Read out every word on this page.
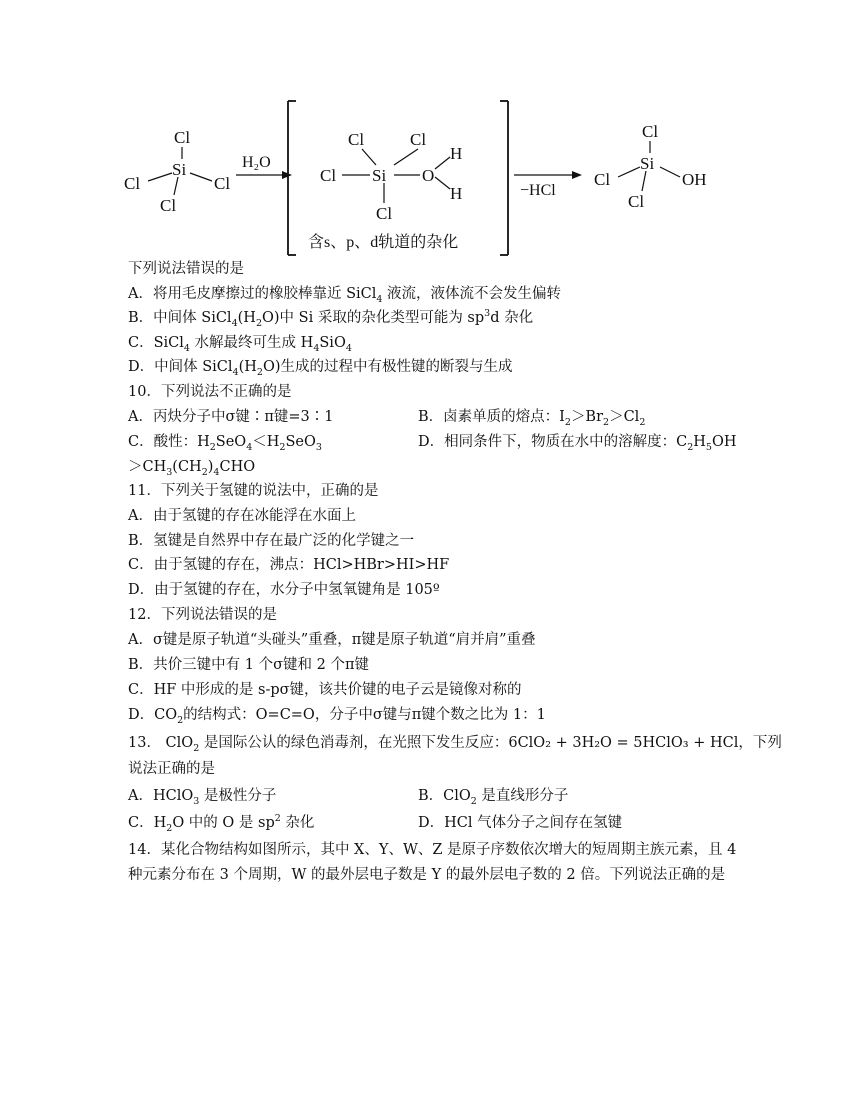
Cl
Si
Cl	Cl
Cl
H₂O
Cl	Cl
Cl Si O
H
H
Cl
含s、p、d轨道的杂化
−HCl
Cl
Si
Cl	OH
Cl
下列说法错误的是
A．将用毛皮摩擦过的橡胶棒靠近 SiCl$_4$ 液流，液体流不会发生偏转
B．中间体 $SiCl_4(H_2O)$中 Si 采取的杂化类型可能为 $sp^3d$ 杂化
C．SiCl$_4$ 水解最终可生成 $H_4SiO_4$
D．中间体 $SiCl_4(H_2O)$生成的过程中有极性键的断裂与生成
10．下列说法不正确的是
A．丙炔分子中σ键∶π键=3∶1	B．卤素单质的熔点：$I_2>Br_2>Cl_2$
C．酸性：$H_2SeO_4<H_2SeO_3$	D．相同条件下，物质在水中的溶解度：$C_2H_5OH$
$>CH_3(CH_2)_4CHO$
11．下列关于氢键的说法中，正确的是
A．由于氢键的存在冰能浮在水面上
B．氢键是自然界中存在最广泛的化学键之一
C．由于氢键的存在，沸点：HCl>HBr>HI>HF
D．由于氢键的存在，水分子中氢氧键角是 105º
12．下列说法错误的是
A．σ键是原子轨道“头碰头”重叠，π键是原子轨道“肩并肩”重叠
B．共价三键中有 1 个σ键和 2 个π键
C．HF 中形成的是 s-pσ键，该共价键的电子云是镜像对称的
D．$CO_2$的结构式：O=C=O，分子中σ键与π键个数之比为 1：1
13． ClO$_2$ 是国际公认的绿色消毒剂，在光照下发生反应：6ClO₂ + 3H₂O = 5HClO₃ + HCl，下列
说法正确的是
A．HClO$_3$ 是极性分子	B．ClO$_2$ 是直线形分子
C．$H_2O$ 中的 O 是 $sp^2$ 杂化	D．HCl 气体分子之间存在氢键
14．某化合物结构如图所示，其中 X、Y、W、Z 是原子序数依次增大的短周期主族元素，且 4
种元素分布在 3 个周期，W 的最外层电子数是 Y 的最外层电子数的 2 倍。下列说法正确的是
